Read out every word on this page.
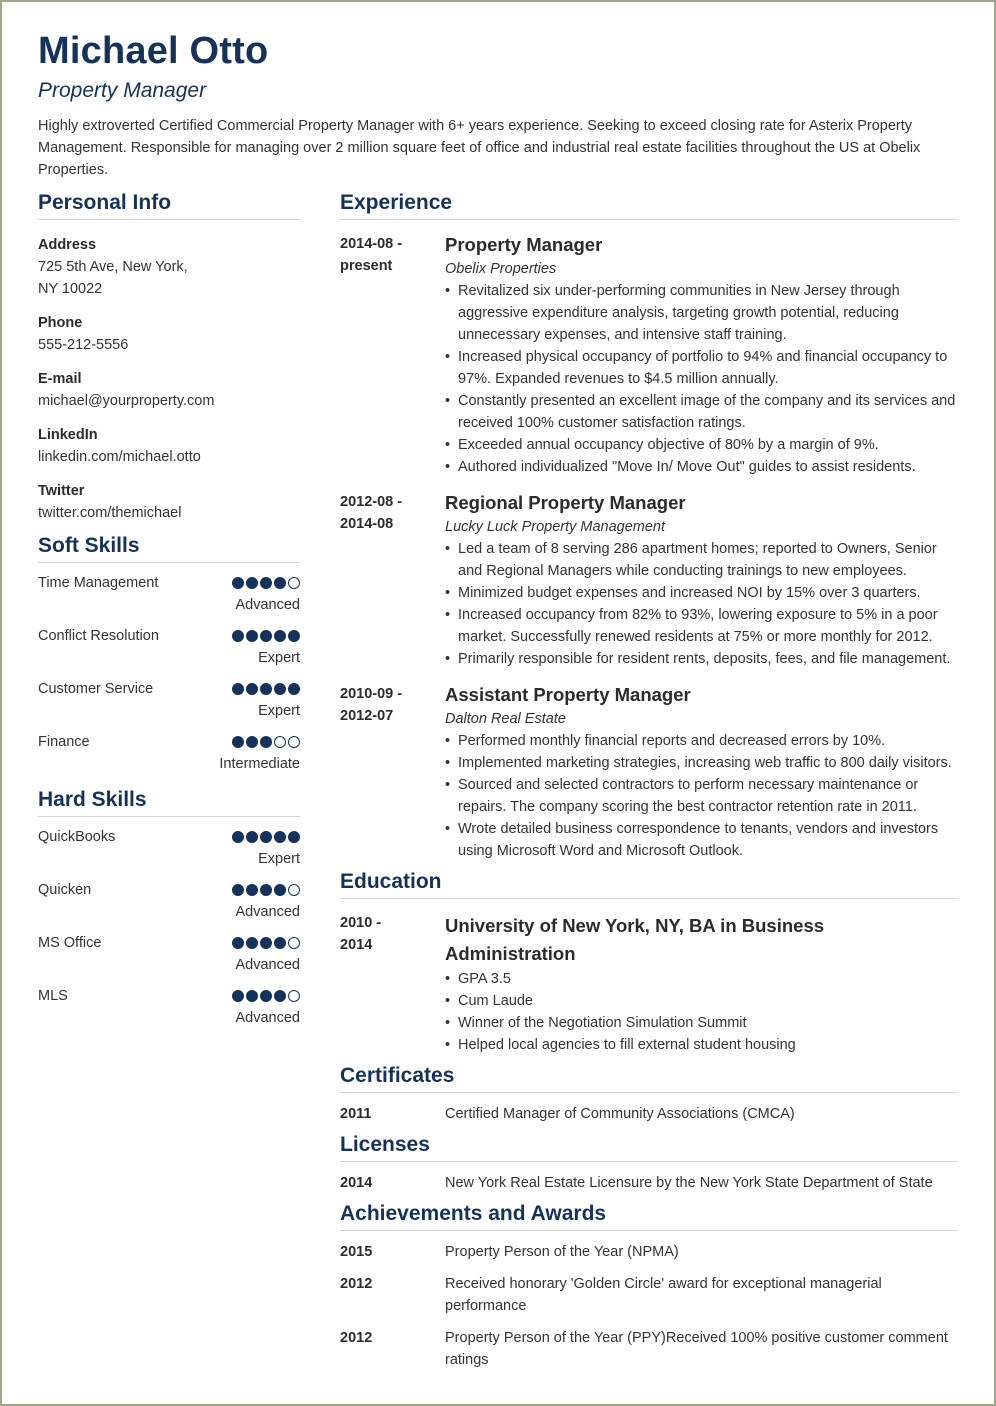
Michael Otto
Property Manager
Highly extroverted Certified Commercial Property Manager with 6+ years experience. Seeking to exceed closing rate for Asterix Property Management. Responsible for managing over 2 million square feet of office and industrial real estate facilities throughout the US at Obelix Properties.
Personal Info
Address
725 5th Ave, New York,
NY 10022
Phone
555-212-5556
E-mail
michael@yourproperty.com
LinkedIn
linkedin.com/michael.otto
Twitter
twitter.com/themichael
Soft Skills
Time Management
Advanced
Conflict Resolution
Expert
Customer Service
Expert
Finance
Intermediate
Hard Skills
QuickBooks
Expert
Quicken
Advanced
MS Office
Advanced
MLS
Advanced
Experience
2014-08 -
present
Property Manager
Obelix Properties
• Revitalized six under-performing communities in New Jersey through aggressive expenditure analysis, targeting growth potential, reducing unnecessary expenses, and intensive staff training.
• Increased physical occupancy of portfolio to 94% and financial occupancy to 97%. Expanded revenues to $4.5 million annually.
• Constantly presented an excellent image of the company and its services and received 100% customer satisfaction ratings.
• Exceeded annual occupancy objective of 80% by a margin of 9%.
• Authored individualized "Move In/ Move Out" guides to assist residents.
2012-08 -
2014-08
Regional Property Manager
Lucky Luck Property Management
• Led a team of 8 serving 286 apartment homes; reported to Owners, Senior and Regional Managers while conducting trainings to new employees.
• Minimized budget expenses and increased NOI by 15% over 3 quarters.
• Increased occupancy from 82% to 93%, lowering exposure to 5% in a poor market. Successfully renewed residents at 75% or more monthly for 2012.
• Primarily responsible for resident rents, deposits, fees, and file management.
2010-09 -
2012-07
Assistant Property Manager
Dalton Real Estate
• Performed monthly financial reports and decreased errors by 10%.
• Implemented marketing strategies, increasing web traffic to 800 daily visitors.
• Sourced and selected contractors to perform necessary maintenance or repairs. The company scoring the best contractor retention rate in 2011.
• Wrote detailed business correspondence to tenants, vendors and investors using Microsoft Word and Microsoft Outlook.
Education
2010 -
2014
University of New York, NY, BA in Business Administration
• GPA 3.5
• Cum Laude
• Winner of the Negotiation Simulation Summit
• Helped local agencies to fill external student housing
Certificates
2011	Certified Manager of Community Associations (CMCA)
Licenses
2014	New York Real Estate Licensure by the New York State Department of State
Achievements and Awards
2015	Property Person of the Year (NPMA)
2012	Received honorary 'Golden Circle' award for exceptional managerial performance
2012	Property Person of the Year (PPY)Received 100% positive customer comment ratings
